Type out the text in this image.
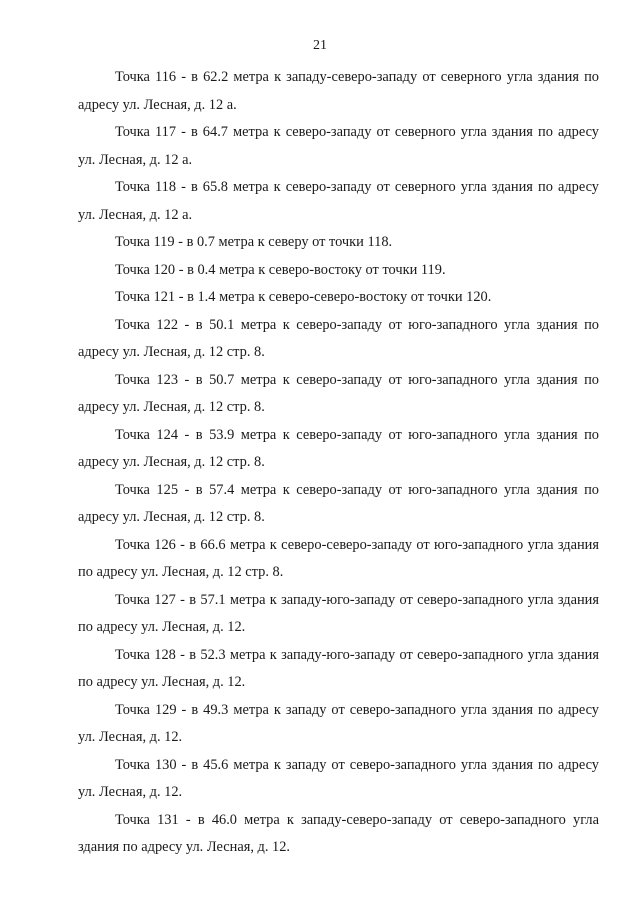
21

Точка 116 - в 62.2 метра к западу-северо-западу от северного угла здания по адресу ул. Лесная, д. 12 а.

Точка 117 - в 64.7 метра к северо-западу от северного угла здания по адресу ул. Лесная, д. 12 а.

Точка 118 - в 65.8 метра к северо-западу от северного угла здания по адресу ул. Лесная, д. 12 а.

Точка 119 - в 0.7 метра к северу от точки 118.

Точка 120 - в 0.4 метра к северо-востоку от точки 119.

Точка 121 - в 1.4 метра к северо-северо-востоку от точки 120.

Точка 122 - в 50.1 метра к северо-западу от юго-западного угла здания по адресу ул. Лесная, д. 12 стр. 8.

Точка 123 - в 50.7 метра к северо-западу от юго-западного угла здания по адресу ул. Лесная, д. 12 стр. 8.

Точка 124 - в 53.9 метра к северо-западу от юго-западного угла здания по адресу ул. Лесная, д. 12 стр. 8.

Точка 125 - в 57.4 метра к северо-западу от юго-западного угла здания по адресу ул. Лесная, д. 12 стр. 8.

Точка 126 - в 66.6 метра к северо-северо-западу от юго-западного угла здания по адресу ул. Лесная, д. 12 стр. 8.

Точка 127 - в 57.1 метра к западу-юго-западу от северо-западного угла здания по адресу ул. Лесная, д. 12.

Точка 128 - в 52.3 метра к западу-юго-западу от северо-западного угла здания по адресу ул. Лесная, д. 12.

Точка 129 - в 49.3 метра к западу от северо-западного угла здания по адресу ул. Лесная, д. 12.

Точка 130 - в 45.6 метра к западу от северо-западного угла здания по адресу ул. Лесная, д. 12.

Точка 131 - в 46.0 метра к западу-северо-западу от северо-западного угла здания по адресу ул. Лесная, д. 12.
